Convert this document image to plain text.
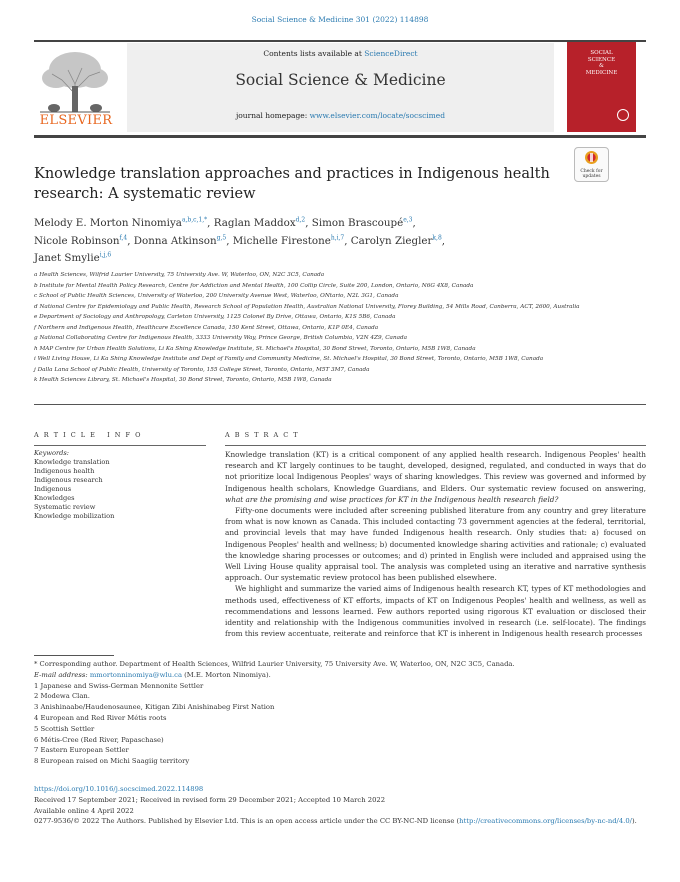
Social Science & Medicine 301 (2022) 114898
Contents lists available at ScienceDirect
Social Science & Medicine
journal homepage: www.elsevier.com/locate/socscimed
ELSEVIER
SOCIAL
SCIENCE
&
MEDICINE
Check for updates
Knowledge translation approaches and practices in Indigenous health research: A systematic review
Melody E. Morton Ninomiya$^{a,b,c,1,*}$, Raglan Maddox$^{d,2}$, Simon Brascoupé$^{e,3}$,
Nicole Robinson$^{f,4}$, Donna Atkinson$^{g,5}$, Michelle Firestone$^{h,i,7}$, Carolyn Ziegler$^{k,8}$,
Janet Smylie$^{i,j,6}$

a Health Sciences, Wilfrid Laurier University, 75 University Ave. W, Waterloo, ON, N2C 3C5, Canada

b Institute for Mental Health Policy Research, Centre for Addiction and Mental Health, 100 Collip Circle, Suite 200, London, Ontario, N6G 4X8, Canada

c School of Public Health Sciences, University of Waterloo, 200 University Avenue West, Waterloo, ONtario, N2L 3G1, Canada

d National Centre for Epidemiology and Public Health, Research School of Population Health, Australian National University, Florey Building, 54 Mills Road, Canberra, ACT, 2600, Australia

e Department of Sociology and Anthropology, Carleton University, 1125 Colonel By Drive, Ottawa, Ontario, K1S 5B6, Canada

f Northern and Indigenous Health, Healthcare Excellence Canada, 150 Kent Street, Ottawa, Ontario, K1P 0E4, Canada

g National Collaborating Centre for Indigenous Health, 3333 University Way, Prince George, British Columbia, V2N 4Z9, Canada

h MAP Centre for Urban Health Solutions, Li Ka Shing Knowledge Institute, St. Michael's Hospital, 30 Bond Street, Toronto, Ontario, M5B 1W8, Canada

i Well Living House, Li Ka Shing Knowledge Institute and Dept of Family and Community Medicine, St. Michael's Hospital, 30 Bond Street, Toronto, Ontario, M5B 1W8, Canada

j Dalla Lana School of Public Health, University of Toronto, 155 College Street, Toronto, Ontario, M5T 3M7, Canada

k Health Sciences Library, St. Michael's Hospital, 30 Bond Street, Toronto, Ontario, M5B 1W8, Canada

A R T I C L E   I N F O	A B S T R A C T

Keywords:

Knowledge translation

Indigenous health

Indigenous research

Indigenous

Knowledges

Systematic review

Knowledge mobilization

Knowledge translation (KT) is a critical component of any applied health research. Indigenous Peoples' health research and KT largely continues to be taught, developed, designed, regulated, and conducted in ways that do not prioritize local Indigenous Peoples' ways of sharing knowledges. This review was governed and informed by Indigenous health scholars, Knowledge Guardians, and Elders. Our systematic review focused on answering, what are the promising and wise practices for KT in the Indigenous health research field?

Fifty-one documents were included after screening published literature from any country and grey literature from what is now known as Canada. This included contacting 73 government agencies at the federal, territorial, and provincial levels that may have funded Indigenous health research. Only studies that: a) focused on Indigenous Peoples' health and wellness; b) documented knowledge sharing activities and rationale; c) evaluated the knowledge sharing processes or outcomes; and d) printed in English were included and appraised using the Well Living House quality appraisal tool. The analysis was completed using an iterative and narrative synthesis approach. Our systematic review protocol has been published elsewhere.

We highlight and summarize the varied aims of Indigenous health research KT, types of KT methodologies and methods used, effectiveness of KT efforts, impacts of KT on Indigenous Peoples' health and wellness, as well as recommendations and lessons learned. Few authors reported using rigorous KT evaluation or disclosed their identity and relationship with the Indigenous communities involved in research (i.e. self-locate). The findings from this review accentuate, reiterate and reinforce that KT is inherent in Indigenous health research processes

* Corresponding author. Department of Health Sciences, Wilfrid Laurier University, 75 University Ave. W, Waterloo, ON, N2C 3C5, Canada.

E-mail address: mmortonninomiya@wlu.ca (M.E. Morton Ninomiya).

1 Japanese and Swiss-German Mennonite Settler

2 Modewa Clan.

3 Anishinaabe/Haudenosaunee, Kitigan Zibi Anishinabeg First Nation

4 European and Red River Métis roots

5 Scottish Settler

6 Métis-Cree (Red River, Papaschase)

7 Eastern European Settler

8 European raised on Michi Saagiig territory

https://doi.org/10.1016/j.socscimed.2022.114898

Received 17 September 2021; Received in revised form 29 December 2021; Accepted 10 March 2022

Available online 4 April 2022

0277-9536/© 2022 The Authors. Published by Elsevier Ltd. This is an open access article under the CC BY-NC-ND license (http://creativecommons.org/licenses/by-nc-nd/4.0/).
